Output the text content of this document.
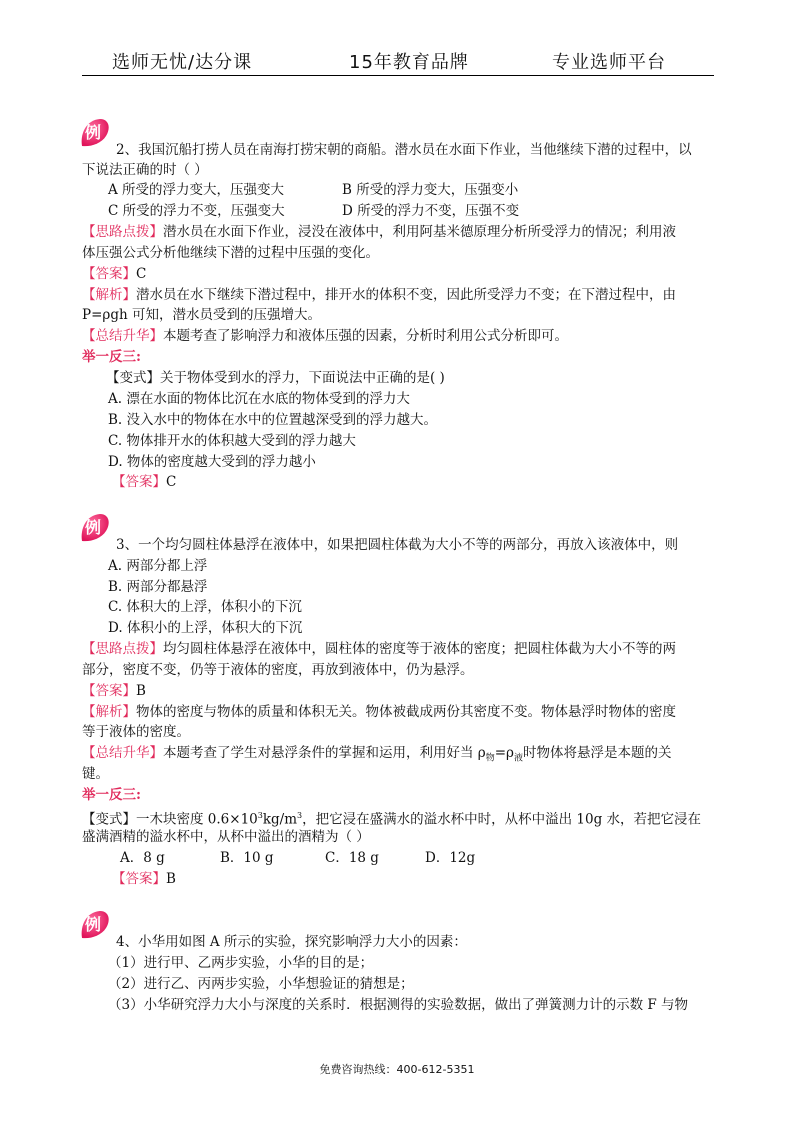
选师无忧/达分课	15年教育品牌	专业选师平台
例
2、我国沉船打捞人员在南海打捞宋朝的商船。潜水员在水面下作业，当他继续下潜的过程中，以
下说法正确的时（ ）
A 所受的浮力变大，压强变大	B 所受的浮力变大，压强变小
C 所受的浮力不变，压强变大	D 所受的浮力不变，压强不变
【思路点拨】潜水员在水面下作业，浸没在液体中，利用阿基米德原理分析所受浮力的情况；利用液
体压强公式分析他继续下潜的过程中压强的变化。
【答案】C
【解析】潜水员在水下继续下潜过程中，排开水的体积不变，因此所受浮力不变；在下潜过程中，由
P=ρgh 可知，潜水员受到的压强增大。
【总结升华】本题考查了影响浮力和液体压强的因素，分析时利用公式分析即可。
举一反三:
【变式】关于物体受到水的浮力，下面说法中正确的是( )
A. 漂在水面的物体比沉在水底的物体受到的浮力大
B. 没入水中的物体在水中的位置越深受到的浮力越大。
C. 物体排开水的体积越大受到的浮力越大
D. 物体的密度越大受到的浮力越小
【答案】C
例
3、一个均匀圆柱体悬浮在液体中，如果把圆柱体截为大小不等的两部分，再放入该液体中，则
A. 两部分都上浮
B. 两部分都悬浮
C. 体积大的上浮，体积小的下沉
D. 体积小的上浮，体积大的下沉
【思路点拨】均匀圆柱体悬浮在液体中，圆柱体的密度等于液体的密度；把圆柱体截为大小不等的两
部分，密度不变，仍等于液体的密度，再放到液体中，仍为悬浮。
【答案】B
【解析】物体的密度与物体的质量和体积无关。物体被截成两份其密度不变。物体悬浮时物体的密度
等于液体的密度。
【总结升华】本题考查了学生对悬浮条件的掌握和运用，利用好当 $\rho_物=\rho_液$时物体将悬浮是本题的关
键。
举一反三:
【变式】一木块密度 $0.6\times 10^3kg/m^3$，把它浸在盛满水的溢水杯中时，从杯中溢出 10g 水，若把它浸在
盛满酒精的溢水杯中，从杯中溢出的酒精为（ ）
A．8 g	B．10 g	C．18 g	D．12g
【答案】B
例
4、小华用如图 A 所示的实验，探究影响浮力大小的因素：
（1）进行甲、乙两步实验，小华的目的是；
（2）进行乙、丙两步实验，小华想验证的猜想是；
（3）小华研究浮力大小与深度的关系时．根据测得的实验数据，做出了弹簧测力计的示数 F 与物
免费咨询热线：400-612-5351
